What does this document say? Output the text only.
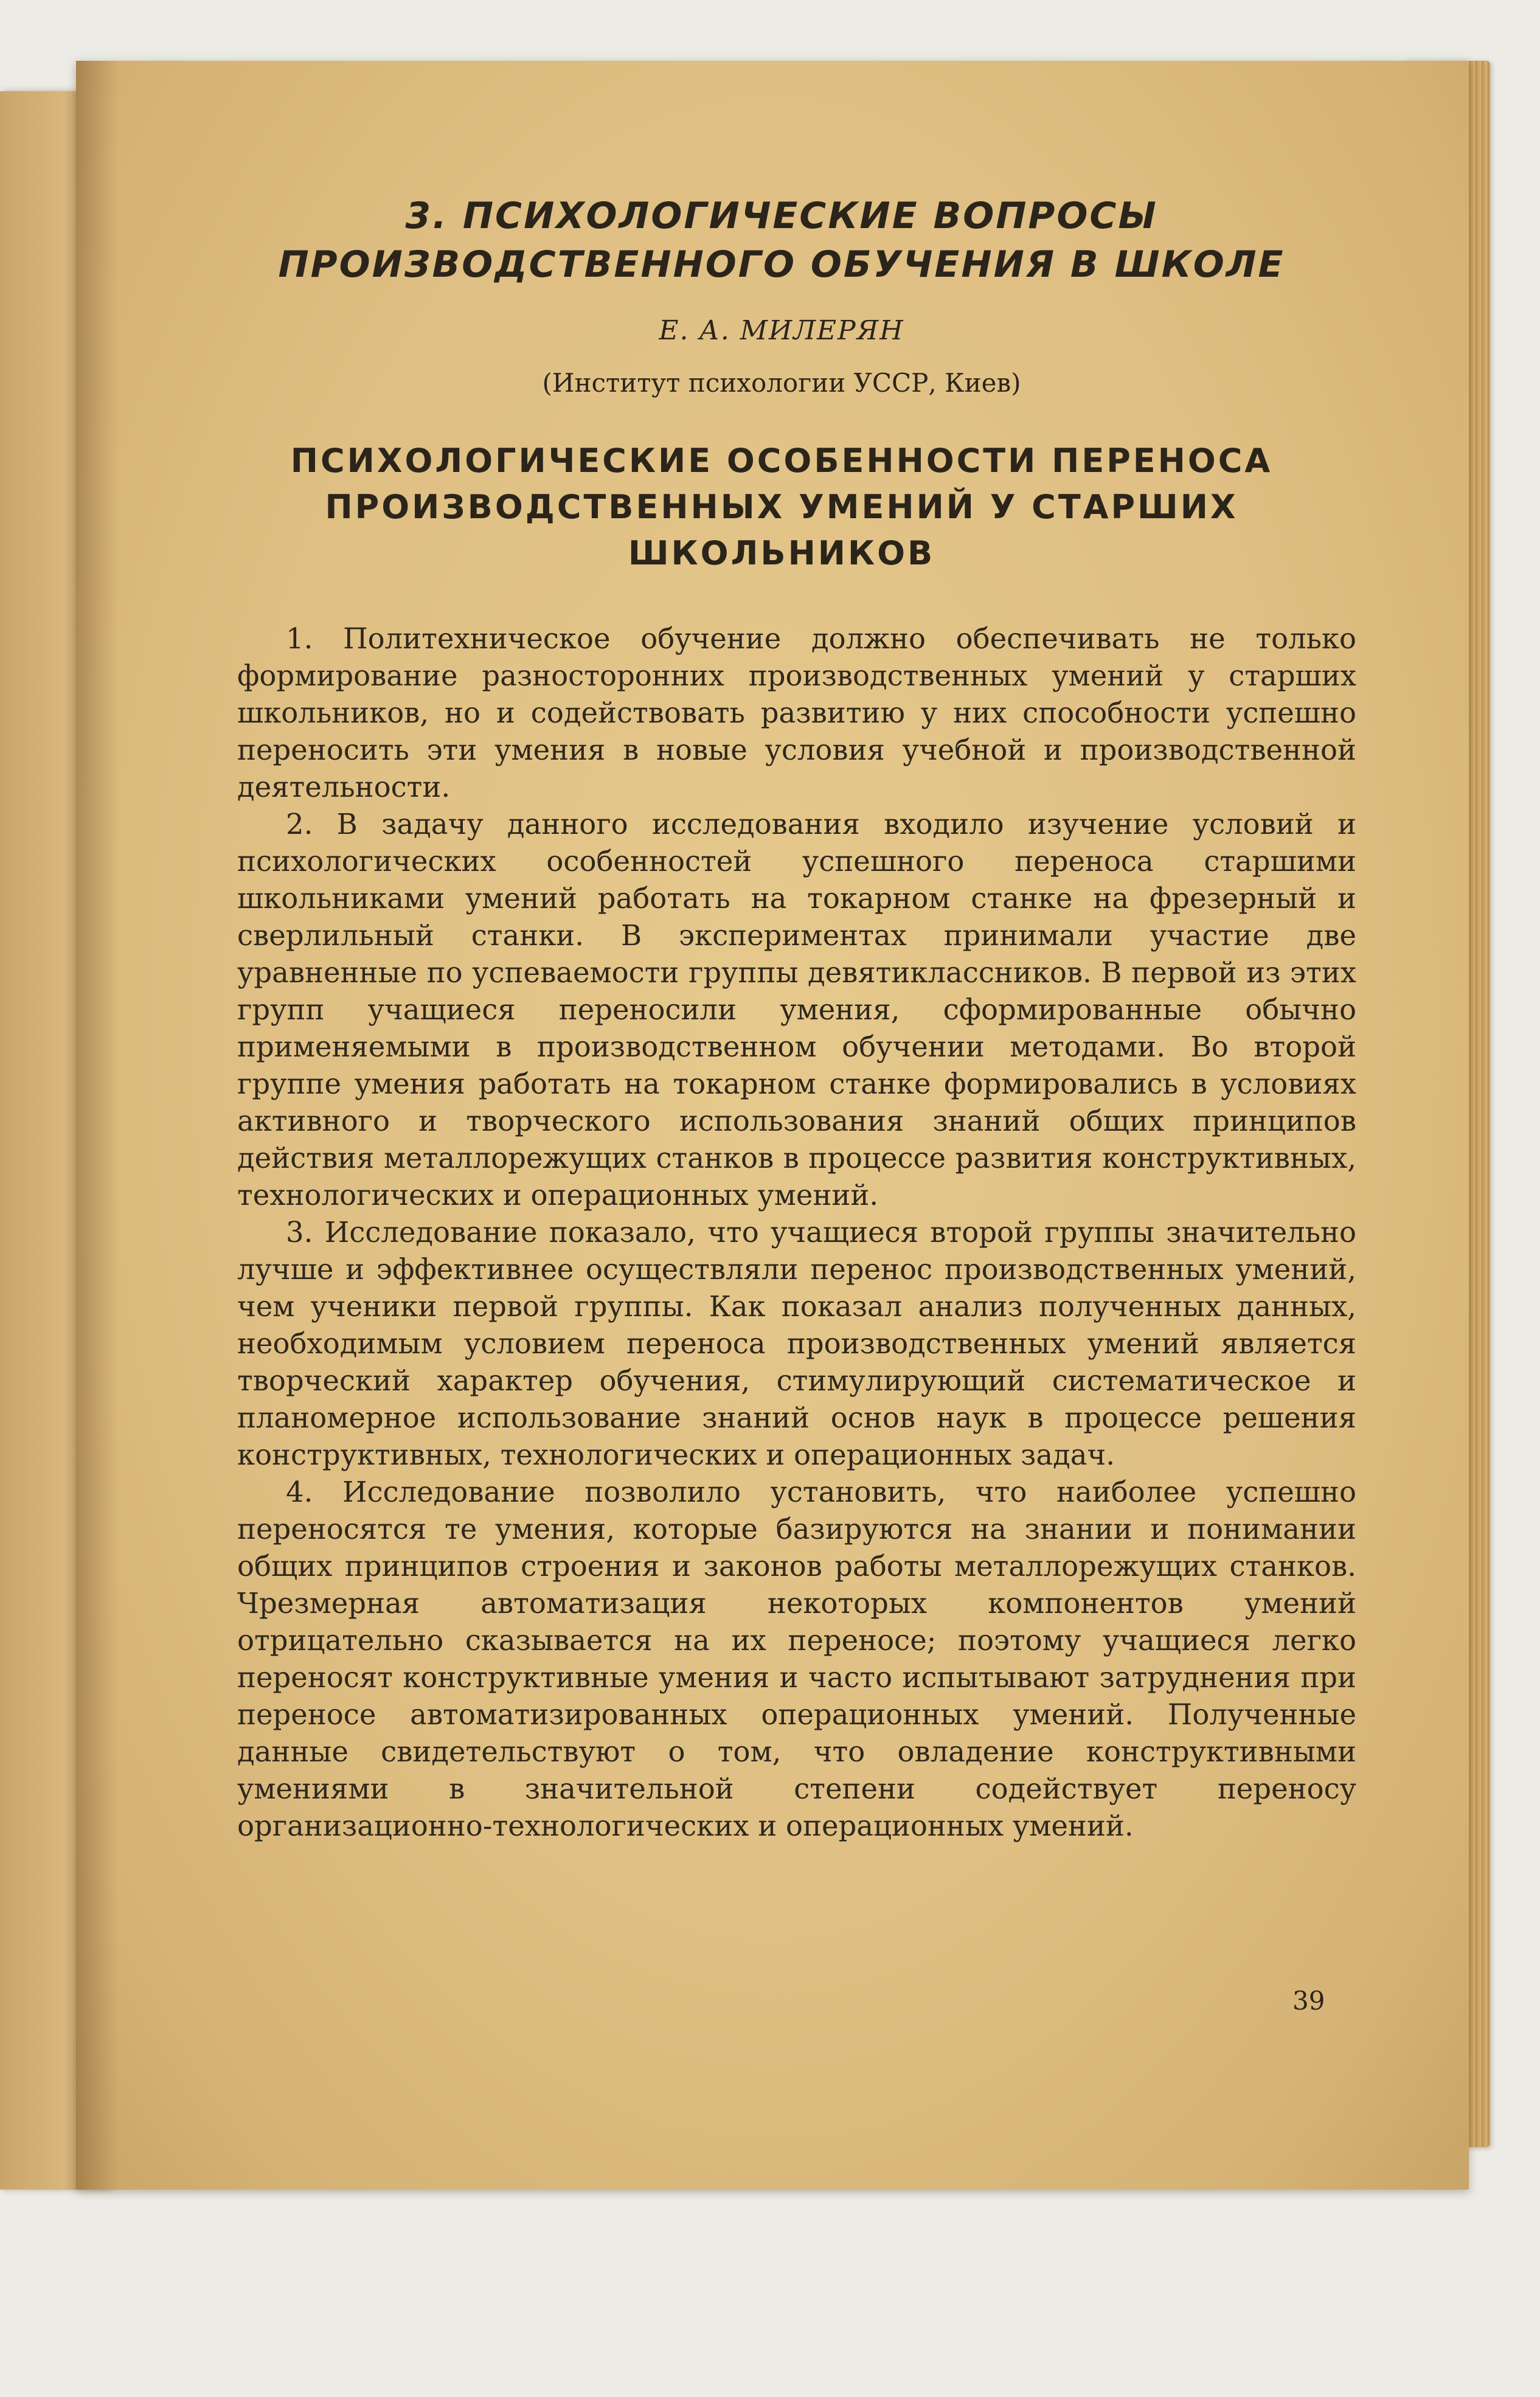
3. ПСИХОЛОГИЧЕСКИЕ ВОПРОСЫ ПРОИЗВОДСТВЕННОГО ОБУЧЕНИЯ В ШКОЛЕ
Е. А. МИЛЕРЯН
(Институт психологии УССР, Киев)
ПСИХОЛОГИЧЕСКИЕ ОСОБЕННОСТИ ПЕРЕНОСА ПРОИЗВОДСТВЕННЫХ УМЕНИЙ У СТАРШИХ ШКОЛЬНИКОВ

1. Политехническое обучение должно обеспечивать не только формирование разносторонних производственных умений у старших школьников, но и содействовать развитию у них способности успешно переносить эти умения в новые условия учебной и производственной деятельности.

2. В задачу данного исследования входило изучение условий и психологических особенностей успешного переноса старшими школьниками умений работать на токарном станке на фрезерный и сверлильный станки. В экспериментах принимали участие две уравненные по успеваемости группы девятиклассников. В первой из этих групп учащиеся переносили умения, сформированные обычно применяемыми в производственном обучении методами. Во второй группе умения работать на токарном станке формировались в условиях активного и творческого использования знаний общих принципов действия металлорежущих станков в процессе развития конструктивных, технологических и операционных умений.

3. Исследование показало, что учащиеся второй группы значительно лучше и эффективнее осуществляли перенос производственных умений, чем ученики первой группы. Как показал анализ полученных данных, необходимым условием переноса производственных умений является творческий характер обучения, стимулирующий систематическое и планомерное использование знаний основ наук в процессе решения конструктивных, технологических и операционных задач.

4. Исследование позволило установить, что наиболее успешно переносятся те умения, которые базируются на знании и понимании общих принципов строения и законов работы металлорежущих станков. Чрезмерная автоматизация некоторых компонентов умений отрицательно сказывается на их переносе; поэтому учащиеся легко переносят конструктивные умения и часто испытывают затруднения при переносе автоматизированных операционных умений. Полученные данные свидетельствуют о том, что овладение конструктивными умениями в значительной степени содействует переносу организационно-технологических и операционных умений.

39
